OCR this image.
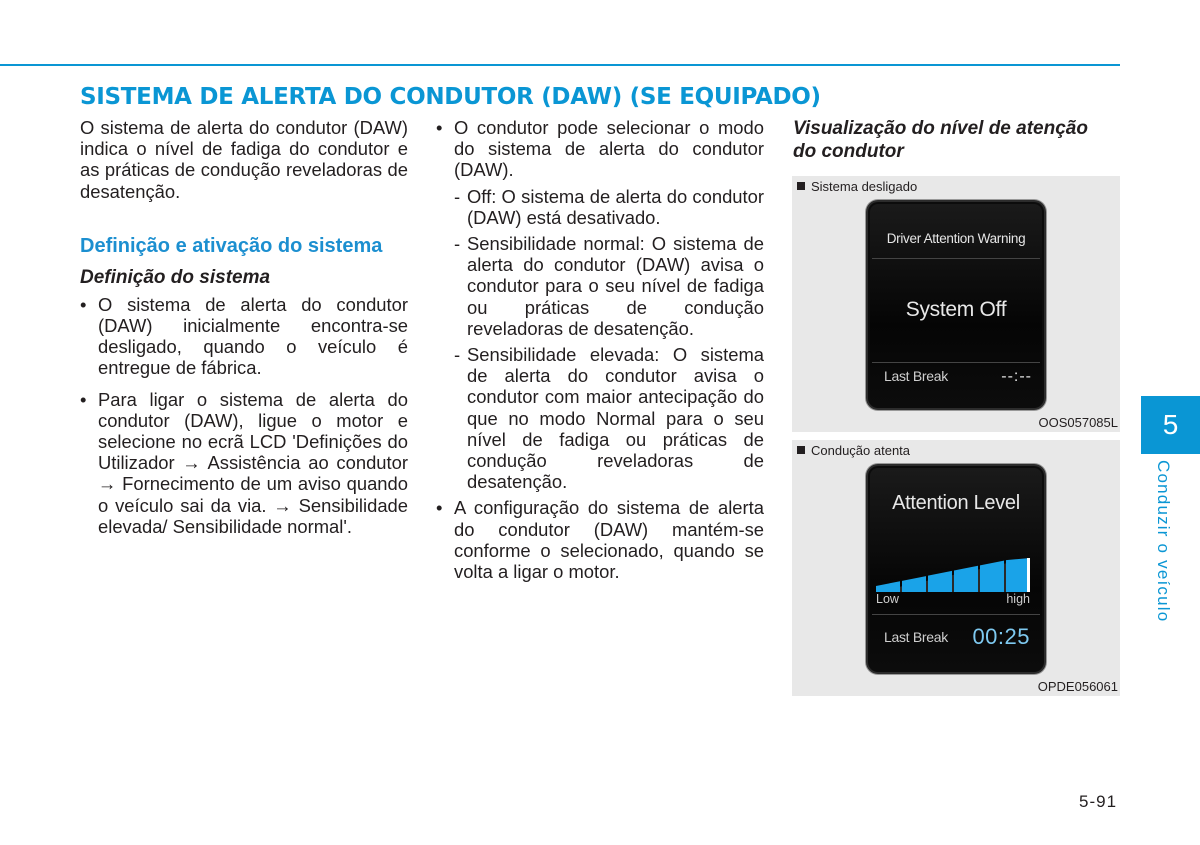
SISTEMA DE ALERTA DO CONDUTOR (DAW) (SE EQUIPADO)

O sistema de alerta do condutor (DAW) indica o nível de fadiga do condutor e as práticas de condução reveladoras de desatenção.

Definição e ativação do sistema
Definição do sistema
• O sistema de alerta do condutor (DAW) inicialmente encontra-se desligado, quando o veículo é entregue de fábrica.
• Para ligar o sistema de alerta do condutor (DAW), ligue o motor e selecione no ecrã LCD 'Definições do Utilizador → Assistência ao condutor → Fornecimento de um aviso quando o veículo sai da via. → Sensibilidade elevada/ Sensibilidade normal'.
• O condutor pode selecionar o modo do sistema de alerta do condutor (DAW).
- Off: O sistema de alerta do condutor (DAW) está desativado.
- Sensibilidade normal: O sistema de alerta do condutor (DAW) avisa o condutor para o seu nível de fadiga ou práticas de condução reveladoras de desatenção.
- Sensibilidade elevada: O sistema de alerta do condutor avisa o condutor com maior antecipação do que no modo Normal para o seu nível de fadiga ou práticas de condução reveladoras de desatenção.
• A configuração do sistema de alerta do condutor (DAW) mantém-se conforme o selecionado, quando se volta a ligar o motor.
Visualização do nível de atenção do condutor
Sistema desligado
Driver Attention Warning
System Off
Last Break	--:--
OOS057085L
Condução atenta
Attention Level
Low	high
Last Break 00:25
OPDE056061
5
Conduzir o veículo
5-91
